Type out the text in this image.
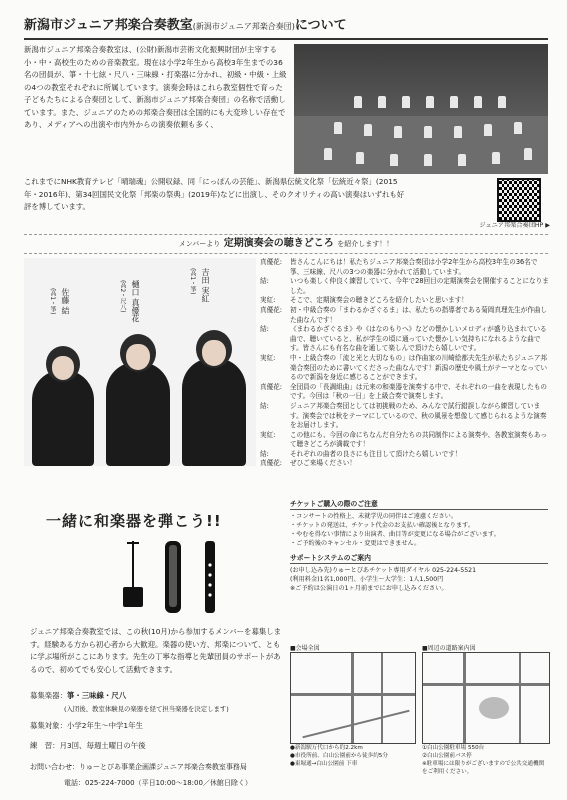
新潟市ジュニア邦楽合奏教室(新潟市ジュニア邦楽合奏団)について
新潟市ジュニア邦楽合奏教室は、(公財)新潟市芸術文化振興財団が主宰する小・中・高校生のための音楽教室。現在は小学2年生から高校3年生までの36名の団員が、箏・十七絃・尺八・三味線・打楽器に分かれ、初級・中級・上級の4つの教室それぞれに所属しています。演奏会時はこれら教室個性で育った子どもたちによる合奏団として、新潟市ジュニア邦楽合奏団」の名称で活動しています。また、ジュニアのための邦楽合奏団は全国的にも大変珍しい存在であり、メディアへの出演や市内外からの演奏依頼も多く、
これまでにNHK教育テレビ「晴瑞魂」公開収録、同「にっぽんの芸能」、新潟県伝統文化祭「伝統近々祭」(2015年・2016年)、第34回国民文化祭「邦楽の祭典」(2019年)などに出演し、そのクオリティの高い演奏はいずれも好評を博しています。
ジュニア邦楽合奏団HP ▶
メンバーより 定期演奏会の聴きどころ を紹介します！！
佐藤 結
(高1・箏)	樋口 真優花
(高2・尺八)	吉田 実紅
(高1・箏)
真優花:	皆さんこんにちは！私たちジュニア邦楽合奏団は小学2年生から高校3年生の36名で箏、三味線、尺八の3つの楽器に分かれて活動しています。
結:	いつも楽しく仲良く練習していて、今年で28回目の定期演奏会を開催することになりました。
実紅:	そこで、定期演奏会の聴きどころを紹介したいと思います！
真優花:	初・中級合奏の「まわるかざぐるま」は、私たちの指導者である菊岡真理先生が作曲した曲なんです！
結:	《まわるかざぐるま》や《はなのもりへ》などの懐かしいメロディが盛り込まれている曲で、聴いていると、私が学生の頃に通っていた懐かしい気持ちになれるような曲です。皆さんにも有名な曲を通して楽しんで頂けたら嬉しいです。
実紅:	中・上級合奏の「流と光と大切なもの」は作曲家の川崎絵都夫先生が私たちジュニア邦楽合奏団のために書いてくださった曲なんです！新潟の歴史や風土がテーマとなっているので新潟を身近に感じることができます。
真優花:	全団員の「長調組曲」は元来の和楽器を演奏する中で、それぞれの一曲を表現したものです。今回は「秋の一日」を上級合奏で演奏します。
結:	ジュニア邦楽合奏団としては初挑戦のため、みんなで試行錯誤しながら練習しています。演奏会では秋をテーマにしているので、秋の風景を想像して感じられるような演奏をお届けします。
実紅:	この他にも、今回の命にちなんだ自分たちの共同制作による演奏や、各教室演奏もあって聴きどころが満載です！
結:	それぞれの曲者の良さにも注目して頂けたら嬉しいです！
真優花:	ぜひご来場ください！
一緒に和楽器を弾こう!!
ジュニア邦楽合奏教室では、この秋(10月)から参加するメンバーを募集します。経験ある方から初心者から大歓迎。楽器の使い方、邦楽について、ともに学ぶ場所がここにあります。先生の丁寧な指導と先輩団員のサポートがあるので、初めてでも安心して活動できます。
募集楽器：箏・三味線・尺八
(入団後、教室体験見の楽器を経て担当楽器を決定します)
募集対象：小学2年生〜中学1年生
練　習：月3回、毎週土曜日の午後
お問い合わせ：りゅーとぴあ事業企画課ジュニア邦楽合奏教室事務局
電話：025-224-7000（平日10:00〜18:00／休館日除く）
チケットご購入の際のご注意
・コンサートの性格上、未就学児の同伴はご遠慮ください。
・チケットの発送は、チケット代金のお支払い確認後となります。
・やむを得ない事情により出演者、曲目等が変更になる場合がございます。
・ご予約後のキャンセル・変更はできません。
サポートシステムのご案内
(お申し込み先)りゅーとぴあチケット専用ダイヤル 025-224-5521
(利用料金)1名1,000円、小学生〜大学生：1人1,500円
※ご予約は公演日の1ヶ月前までにお申し込みください。
■会場全図
●新潟駅万代口から約2.2km
●市役所前、白山公園前から徒歩約5分
●東堀通→白山公園前 下車
■周辺の道路案内図
①白山公園駐車場 550台
②白山公園前バス停
※駐車場には限りがございますので公共交通機関をご利用ください。
